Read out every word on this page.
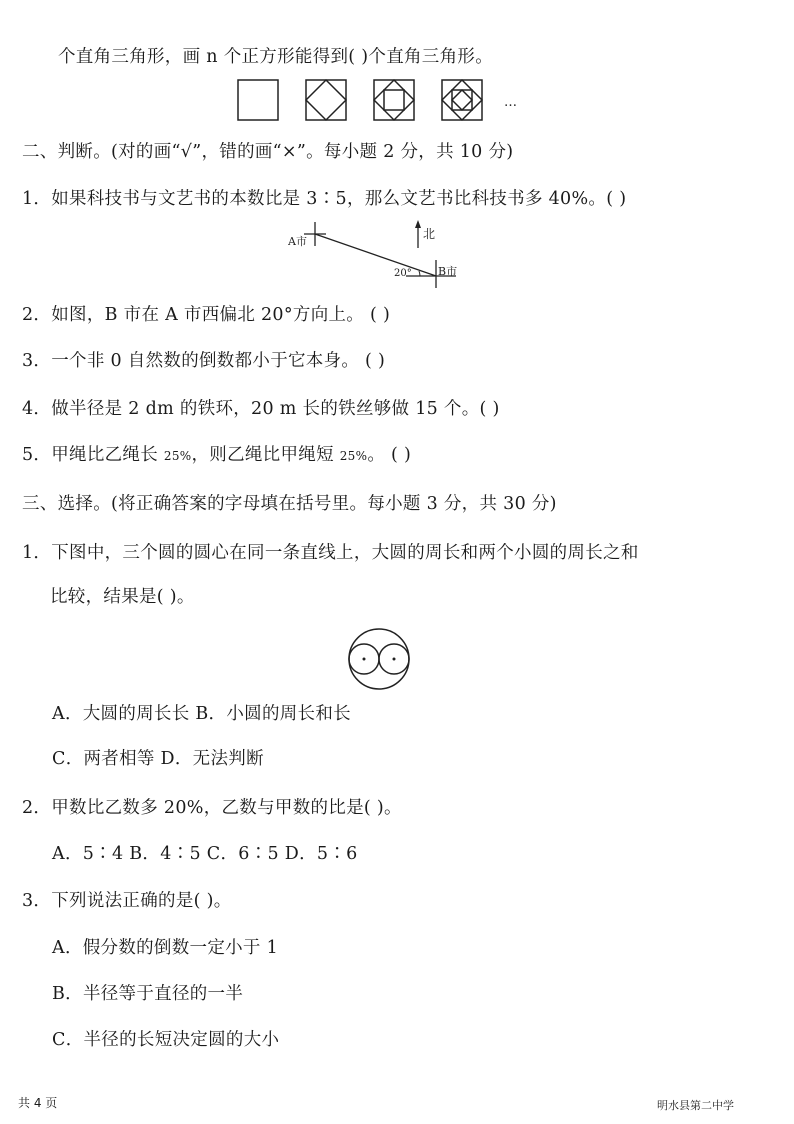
个直角三角形，画 n 个正方形能得到( )个直角三角形。
…
二、判断。(对的画“√”，错的画“×”。每小题 2 分，共 10 分)
1．如果科技书与文艺书的本数比是 3∶5，那么文艺书比科技书多 40%。( )
A市
B市
北
20°
2．如图，B 市在 A 市西偏北 20°方向上。 ( )
3．一个非 0 自然数的倒数都小于它本身。 ( )
4．做半径是 2 dm 的铁环，20 m 长的铁丝够做 15 个。( )
5．甲绳比乙绳长 25%，则乙绳比甲绳短 25%。 ( )
三、选择。(将正确答案的字母填在括号里。每小题 3 分，共 30 分)
1．下图中，三个圆的圆心在同一条直线上，大圆的周长和两个小圆的周长之和
比较，结果是( )。
A．大圆的周长长 B．小圆的周长和长
C．两者相等 D．无法判断
2．甲数比乙数多 20%，乙数与甲数的比是( )。
A．5∶4 B．4∶5 C．6∶5 D．5∶6
3．下列说法正确的是( )。
A．假分数的倒数一定小于 1
B．半径等于直径的一半
C．半径的长短决定圆的大小
共 4 页	明水县第二中学
